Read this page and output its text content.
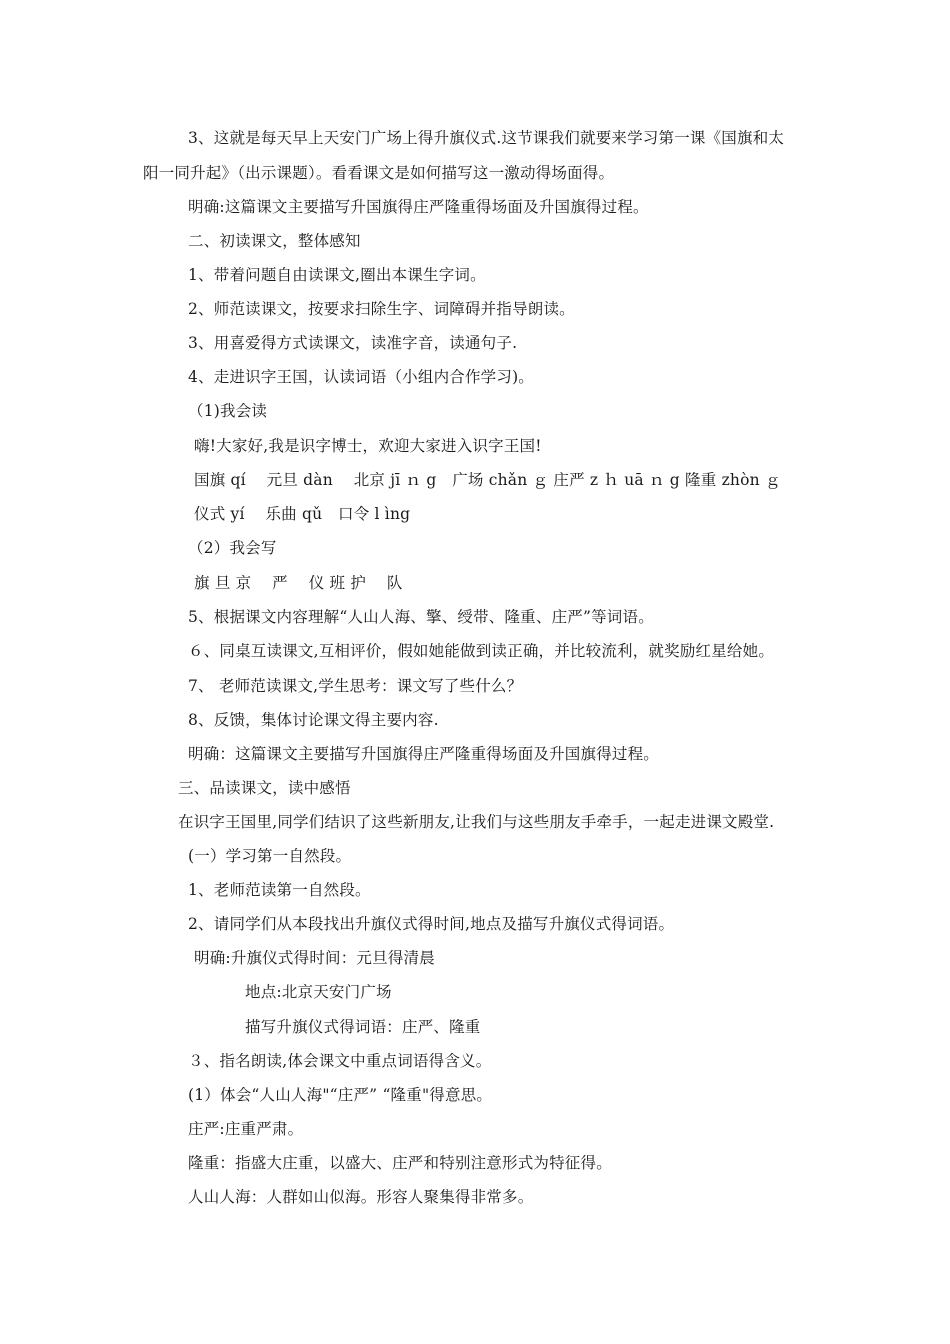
3、这就是每天早上天安门广场上得升旗仪式.这节课我们就要来学习第一课《国旗和太
阳一同升起》（出示课题）。看看课文是如何描写这一激动得场面得。
明确:这篇课文主要描写升国旗得庄严隆重得场面及升国旗得过程。
二、初读课文，整体感知
1、带着问题自由读课文,圈出本课生字词。
2、师范读课文，按要求扫除生字、词障碍并指导朗读。
3、用喜爱得方式读课文，读准字音，读通句子.
4、走进识字王国，认读词语（小组内合作学习)。
（1)我会读
嗨!大家好,我是识字博士，欢迎大家进入识字王国!
国旗 qí　 元旦 dàn　 北京 jī ｎ g　广场 chǎn ｇ 庄严 z ｈ uā ｎ g 隆重 zhòn ｇ
仪式 yí　 乐曲 qǔ　口令 l ìng
（2）我会写
旗 旦 京　 严　 仪 班 护　 队
5、根据课文内容理解“人山人海、擎、绶带、隆重、庄严”等词语。
６、同桌互读课文,互相评价，假如她能做到读正确，并比较流利，就奖励红星给她。
7、 老师范读课文,学生思考：课文写了些什么？
8、反馈，集体讨论课文得主要内容.
明确：这篇课文主要描写升国旗得庄严隆重得场面及升国旗得过程。
三、品读课文，读中感悟
在识字王国里,同学们结识了这些新朋友,让我们与这些朋友手牵手，一起走进课文殿堂.
(一）学习第一自然段。
1、老师范读第一自然段。
2、请同学们从本段找出升旗仪式得时间,地点及描写升旗仪式得词语。
明确:升旗仪式得时间：元旦得清晨
地点:北京天安门广场
描写升旗仪式得词语：庄严、隆重
３、指名朗读,体会课文中重点词语得含义。
(1）体会“人山人海"“庄严” “隆重"得意思。
庄严:庄重严肃。
隆重：指盛大庄重，以盛大、庄严和特别注意形式为特征得。
人山人海：人群如山似海。形容人聚集得非常多。
